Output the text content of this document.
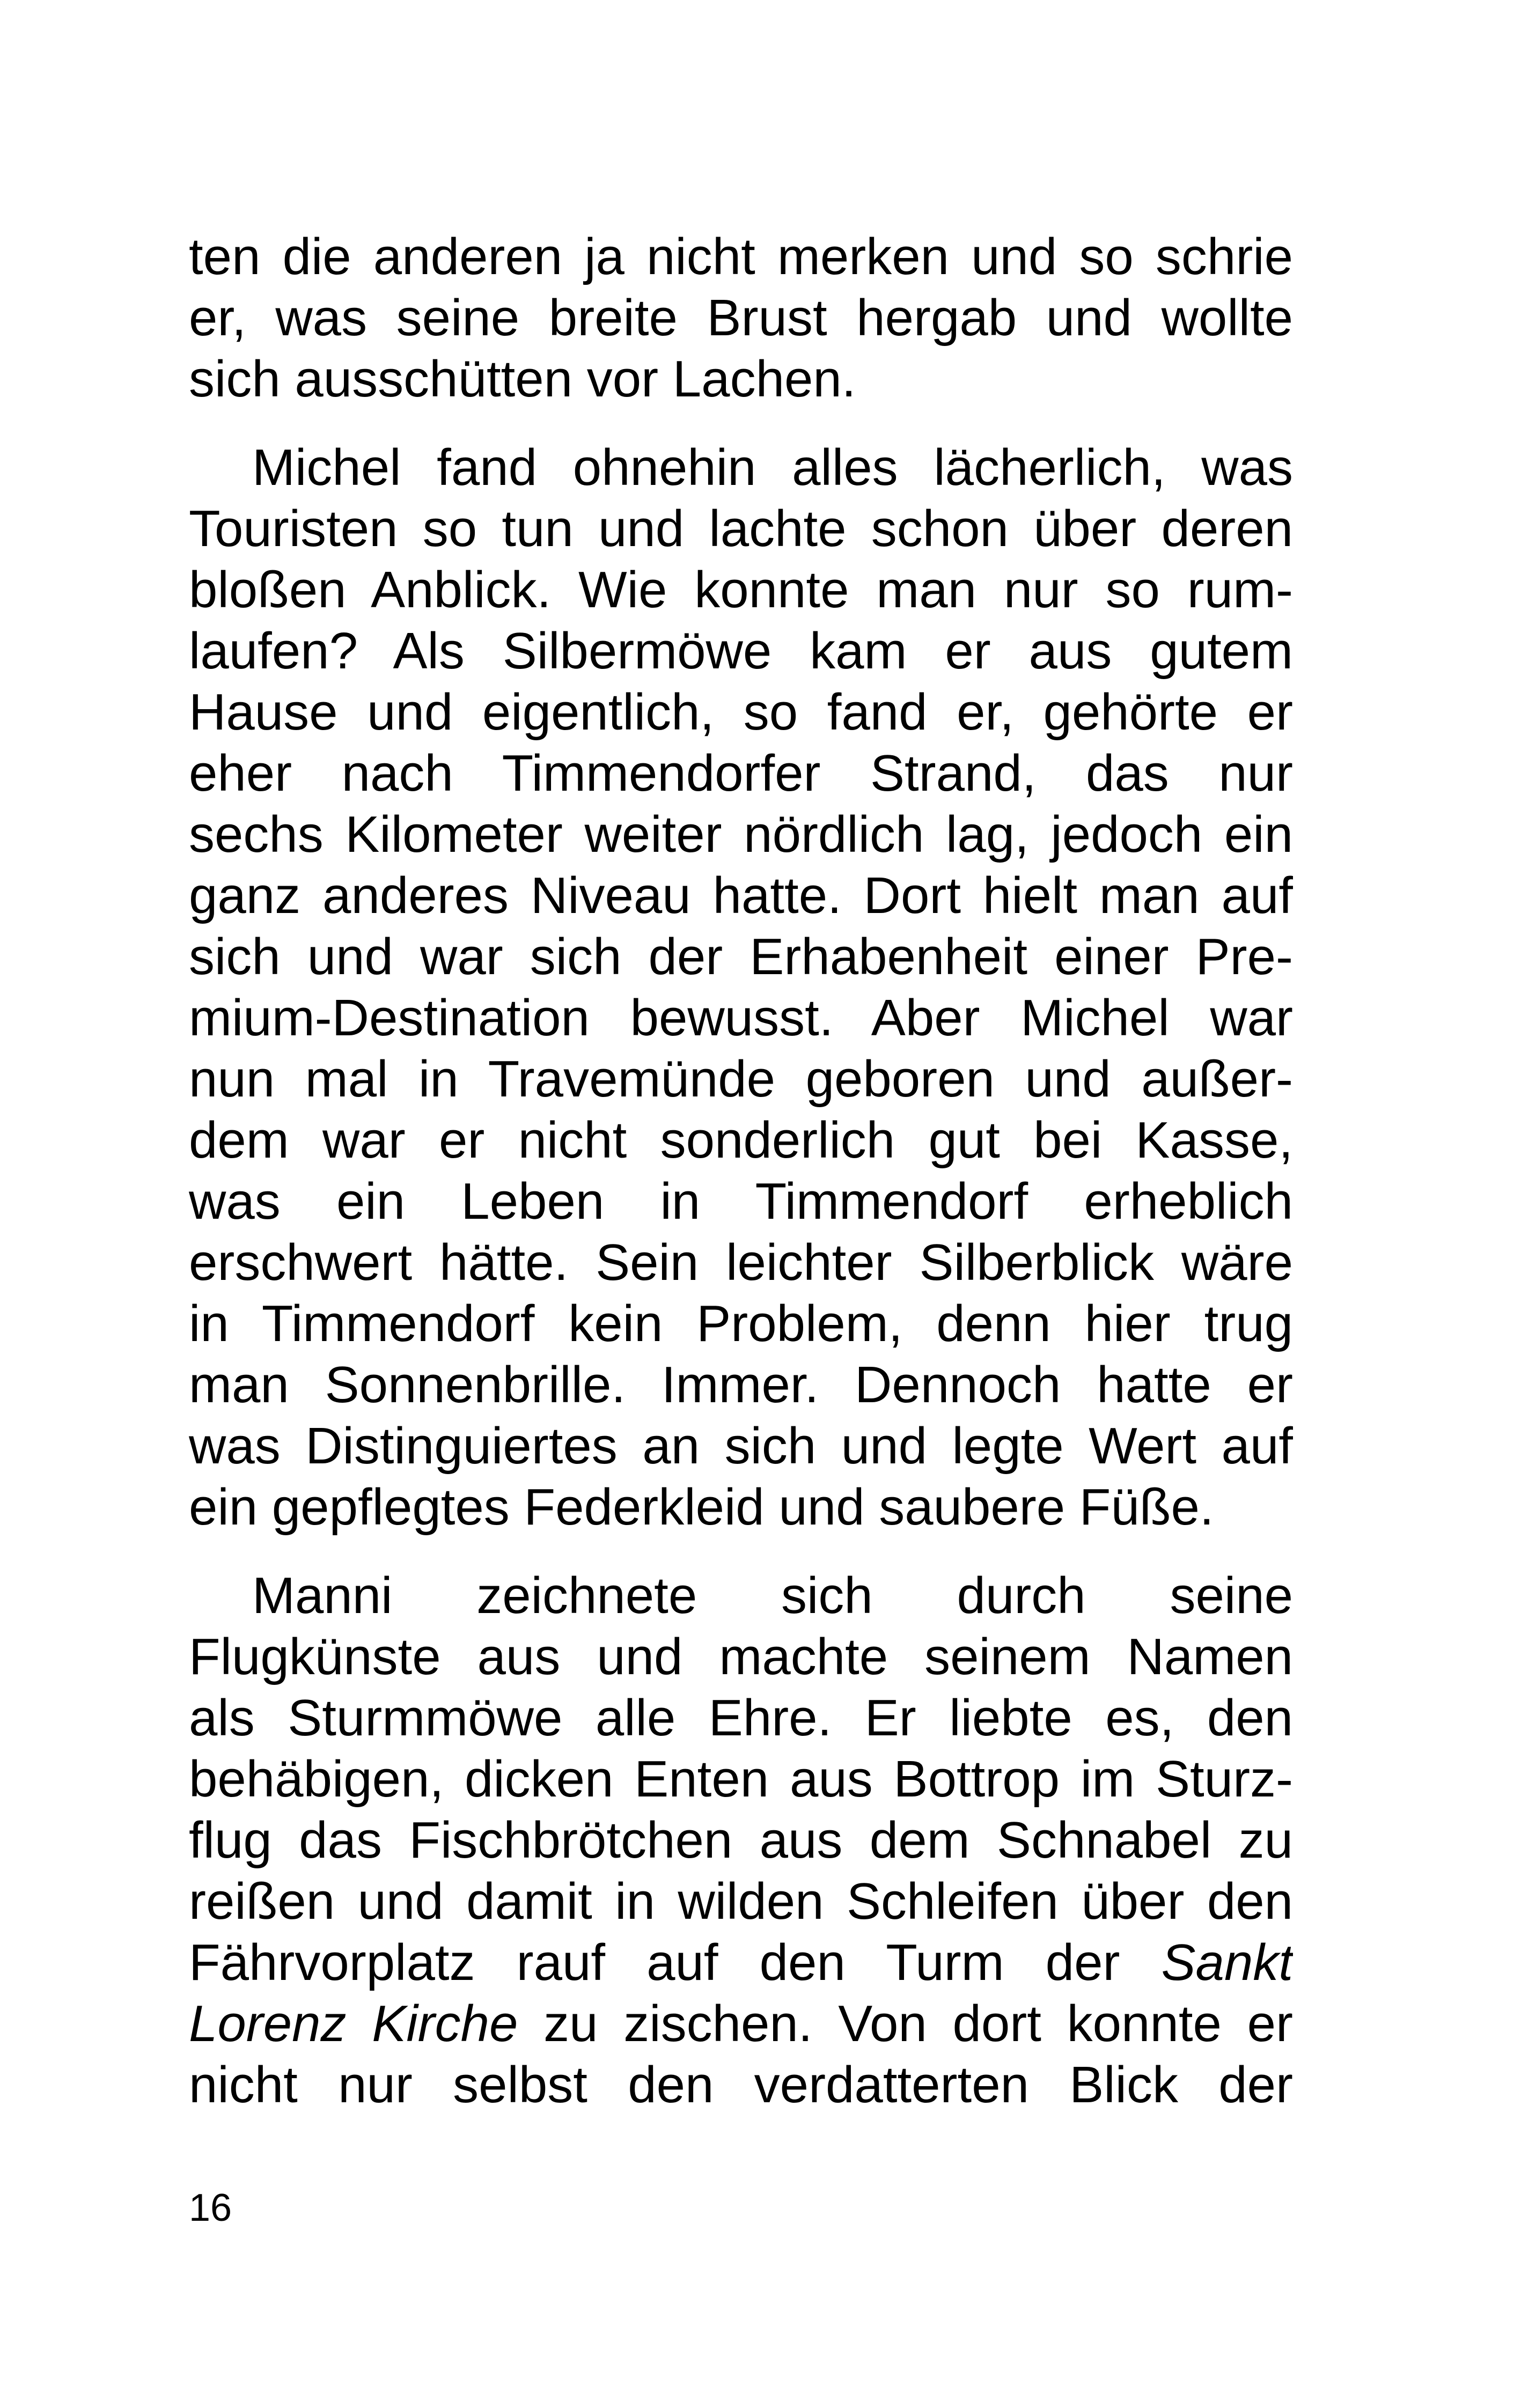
ten die anderen ja nicht merken und so schrie
er, was seine breite Brust hergab und wollte
sich ausschütten vor Lachen.

Michel fand ohnehin alles lächerlich, was
Touristen so tun und lachte schon über deren
bloßen Anblick. Wie konnte man nur so rum-
laufen? Als Silbermöwe kam er aus gutem
Hause und eigentlich, so fand er, gehörte er
eher nach Timmendorfer Strand, das nur
sechs Kilometer weiter nördlich lag, jedoch ein
ganz anderes Niveau hatte. Dort hielt man auf
sich und war sich der Erhabenheit einer Pre-
mium-Destination bewusst. Aber Michel war
nun mal in Travemünde geboren und außer-
dem war er nicht sonderlich gut bei Kasse,
was ein Leben in Timmendorf erheblich
erschwert hätte. Sein leichter Silberblick wäre
in Timmendorf kein Problem, denn hier trug
man Sonnenbrille. Immer. Dennoch hatte er
was Distinguiertes an sich und legte Wert auf
ein gepflegtes Federkleid und saubere Füße.

Manni zeichnete sich durch seine
Flugkünste aus und machte seinem Namen
als Sturmmöwe alle Ehre. Er liebte es, den
behäbigen, dicken Enten aus Bottrop im Sturz-
flug das Fischbrötchen aus dem Schnabel zu
reißen und damit in wilden Schleifen über den
Fährvorplatz rauf auf den Turm der Sankt
Lorenz Kirche zu zischen. Von dort konnte er
nicht nur selbst den verdatterten Blick der

16
